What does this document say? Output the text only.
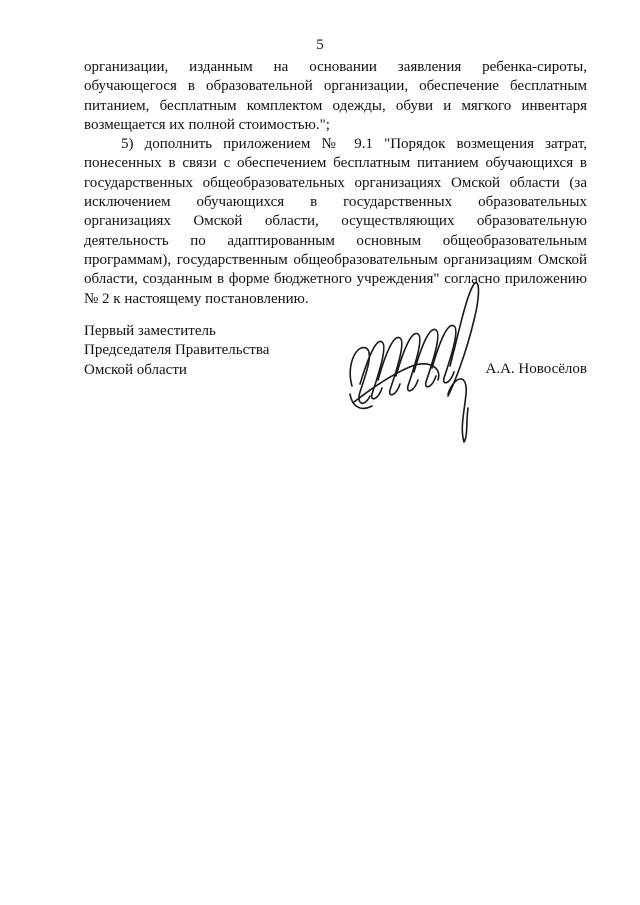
5

организации, изданным на основании заявления ребенка-сироты, обучающегося в образовательной организации, обеспечение бесплатным питанием, бесплатным комплектом одежды, обуви и мягкого инвентаря возмещается их полной стоимостью.";

5) дополнить приложением № 9.1 "Порядок возмещения затрат, понесенных в связи с обеспечением бесплатным питанием обучающихся в государственных общеобразовательных организациях Омской области (за исключением обучающихся в государственных образовательных организациях Омской области, осуществляющих образовательную деятельность по адаптированным основным общеобразовательным программам), государственным общеобразовательным организациям Омской области, созданным в форме бюджетного учреждения" согласно приложению № 2 к настоящему постановлению.

Первый заместитель
Председателя Правительства
Омской области	А.А. Новосёлов
